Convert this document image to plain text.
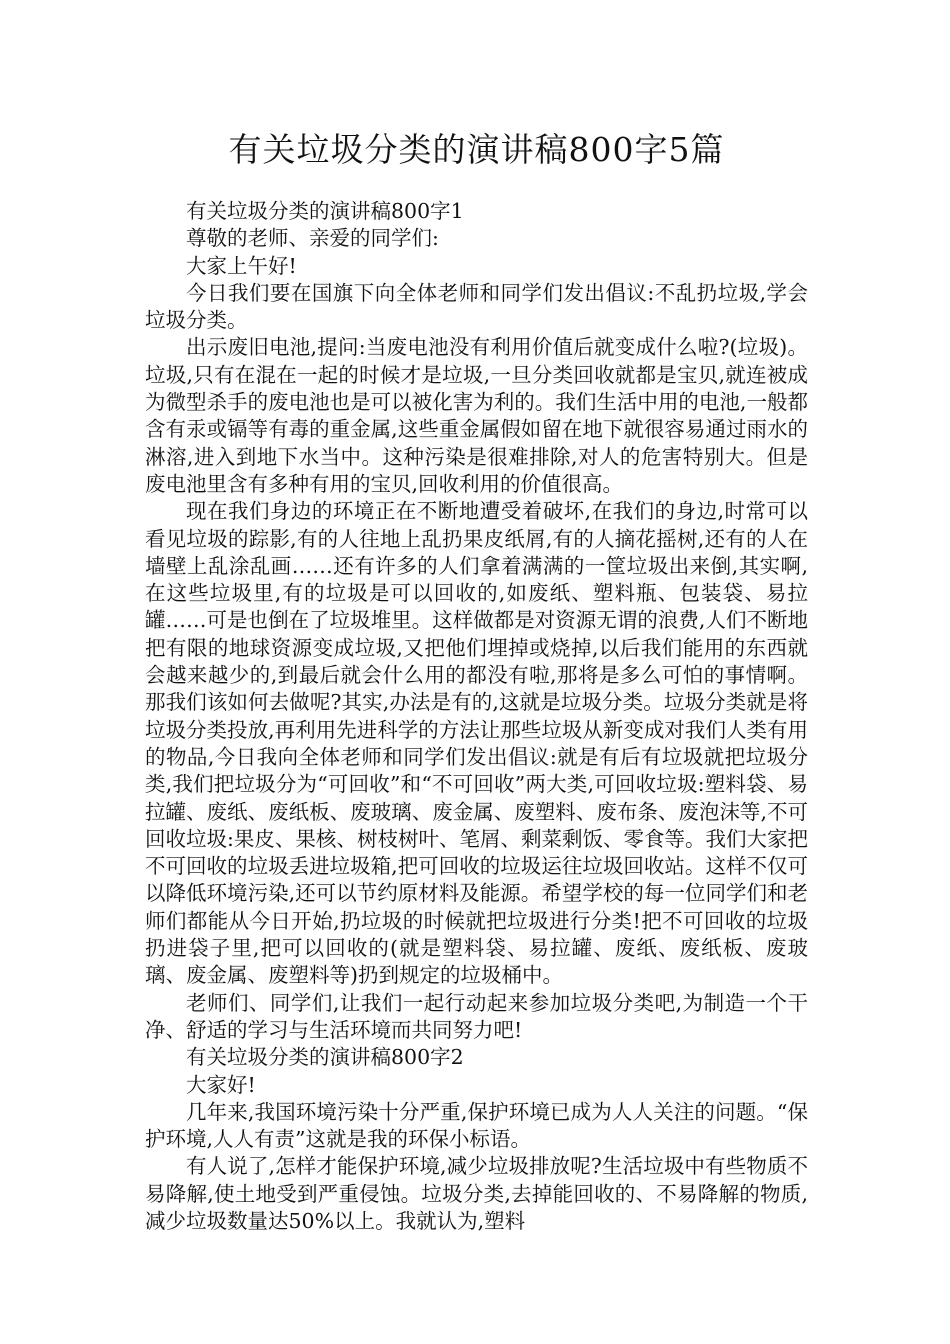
有关垃圾分类的演讲稿800字5篇

有关垃圾分类的演讲稿800字1

尊敬的老师、亲爱的同学们:

大家上午好!

今日我们要在国旗下向全体老师和同学们发出倡议:不乱扔垃圾,学会垃圾分类。

出示废旧电池,提问:当废电池没有利用价值后就变成什么啦?(垃圾)。垃圾,只有在混在一起的时候才是垃圾,一旦分类回收就都是宝贝,就连被成为微型杀手的废电池也是可以被化害为利的。我们生活中用的电池,一般都含有汞或镉等有毒的重金属,这些重金属假如留在地下就很容易通过雨水的淋溶,进入到地下水当中。这种污染是很难排除,对人的危害特别大。但是废电池里含有多种有用的宝贝,回收利用的价值很高。

现在我们身边的环境正在不断地遭受着破坏,在我们的身边,时常可以看见垃圾的踪影,有的人往地上乱扔果皮纸屑,有的人摘花摇树,还有的人在墙壁上乱涂乱画……还有许多的人们拿着满满的一筐垃圾出来倒,其实啊,在这些垃圾里,有的垃圾是可以回收的,如废纸、塑料瓶、包装袋、易拉罐……可是也倒在了垃圾堆里。这样做都是对资源无谓的浪费,人们不断地把有限的地球资源变成垃圾,又把他们埋掉或烧掉,以后我们能用的东西就会越来越少的,到最后就会什么用的都没有啦,那将是多么可怕的事情啊。那我们该如何去做呢?其实,办法是有的,这就是垃圾分类。垃圾分类就是将垃圾分类投放,再利用先进科学的方法让那些垃圾从新变成对我们人类有用的物品,今日我向全体老师和同学们发出倡议:就是有后有垃圾就把垃圾分类,我们把垃圾分为“可回收”和“不可回收”两大类,可回收垃圾:塑料袋、易拉罐、废纸、废纸板、废玻璃、废金属、废塑料、废布条、废泡沫等,不可回收垃圾:果皮、果核、树枝树叶、笔屑、剩菜剩饭、零食等。我们大家把不可回收的垃圾丢进垃圾箱,把可回收的垃圾运往垃圾回收站。这样不仅可以降低环境污染,还可以节约原材料及能源。希望学校的每一位同学们和老师们都能从今日开始,扔垃圾的时候就把垃圾进行分类!把不可回收的垃圾扔进袋子里,把可以回收的(就是塑料袋、易拉罐、废纸、废纸板、废玻璃、废金属、废塑料等)扔到规定的垃圾桶中。

老师们、同学们,让我们一起行动起来参加垃圾分类吧,为制造一个干净、舒适的学习与生活环境而共同努力吧!

有关垃圾分类的演讲稿800字2

大家好!

几年来,我国环境污染十分严重,保护环境已成为人人关注的问题。“保护环境,人人有责”这就是我的环保小标语。

有人说了,怎样才能保护环境,减少垃圾排放呢?生活垃圾中有些物质不易降解,使土地受到严重侵蚀。垃圾分类,去掉能回收的、不易降解的物质,减少垃圾数量达50%以上。我就认为,塑料
